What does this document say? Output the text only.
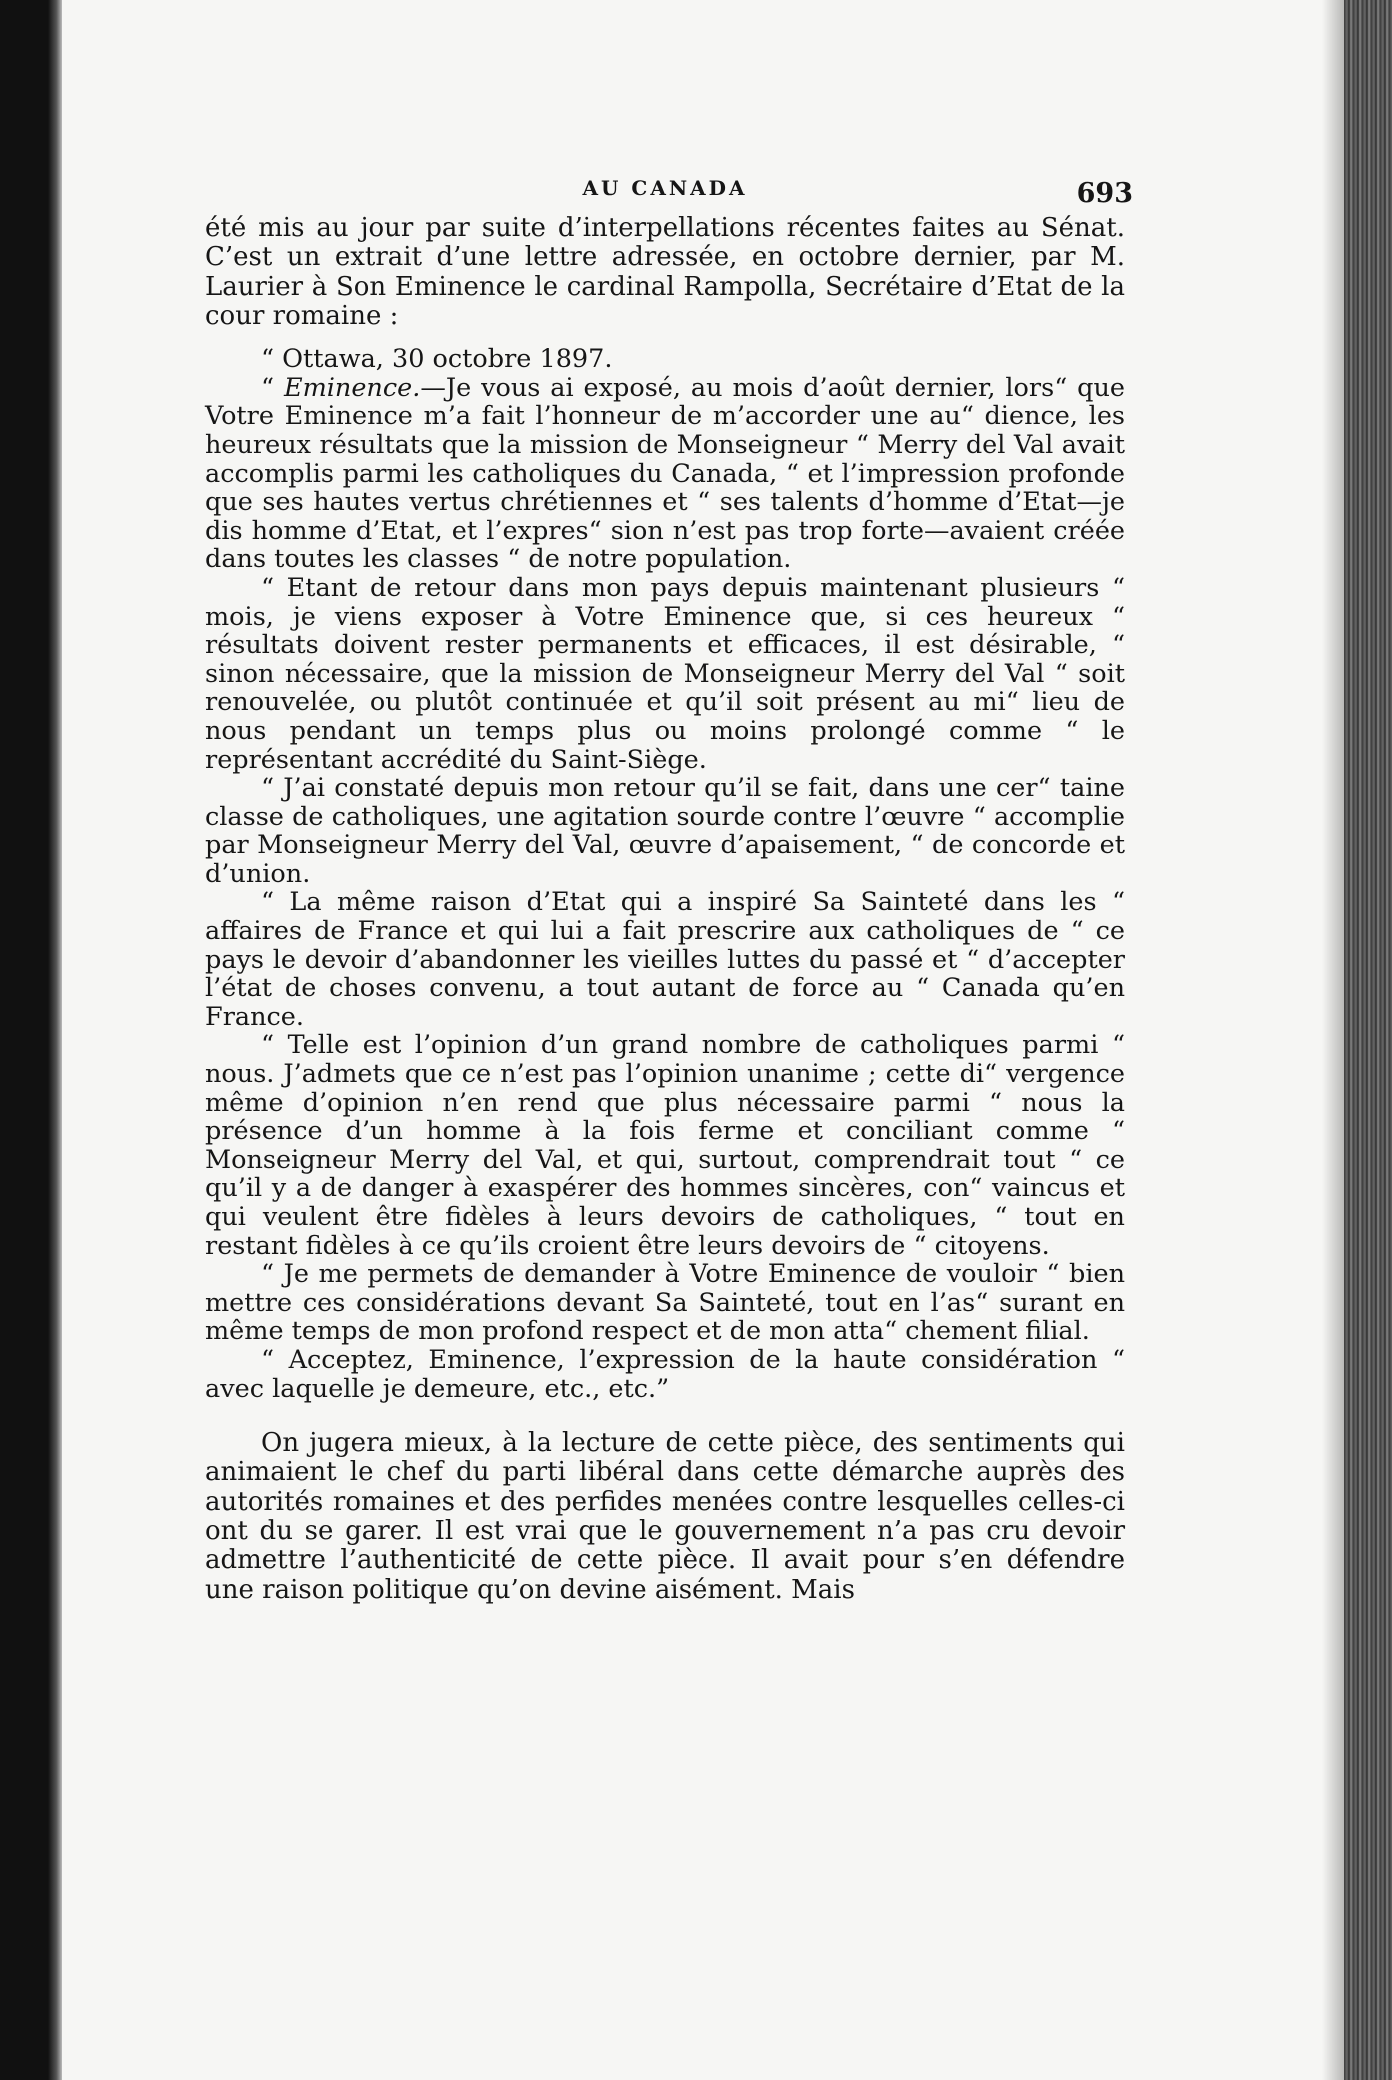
AU CANADA	693

été mis au jour par suite d’interpellations récentes faites au Sénat. C’est un extrait d’une lettre adressée, en octobre dernier, par M. Laurier à Son Eminence le cardinal Rampolla, Secrétaire d’Etat de la cour romaine :

“ Ottawa, 30 octobre 1897.

“ Eminence.—Je vous ai exposé, au mois d’août dernier, lors“ que Votre Eminence m’a fait l’honneur de m’accorder une au“ dience, les heureux résultats que la mission de Monseigneur “ Merry del Val avait accomplis parmi les catholiques du Canada, “ et l’impression profonde que ses hautes vertus chrétiennes et “ ses talents d’homme d’Etat—je dis homme d’Etat, et l’expres“ sion n’est pas trop forte—avaient créée dans toutes les classes “ de notre population.

“ Etant de retour dans mon pays depuis maintenant plusieurs “ mois, je viens exposer à Votre Eminence que, si ces heureux “ résultats doivent rester permanents et efficaces, il est désirable, “ sinon nécessaire, que la mission de Monseigneur Merry del Val “ soit renouvelée, ou plutôt continuée et qu’il soit présent au mi“ lieu de nous pendant un temps plus ou moins prolongé comme “ le représentant accrédité du Saint-Siège.

“ J’ai constaté depuis mon retour qu’il se fait, dans une cer“ taine classe de catholiques, une agitation sourde contre l’œuvre “ accomplie par Monseigneur Merry del Val, œuvre d’apaisement, “ de concorde et d’union.

“ La même raison d’Etat qui a inspiré Sa Sainteté dans les “ affaires de France et qui lui a fait prescrire aux catholiques de “ ce pays le devoir d’abandonner les vieilles luttes du passé et “ d’accepter l’état de choses convenu, a tout autant de force au “ Canada qu’en France.

“ Telle est l’opinion d’un grand nombre de catholiques parmi “ nous. J’admets que ce n’est pas l’opinion unanime ; cette di“ vergence même d’opinion n’en rend que plus nécessaire parmi “ nous la présence d’un homme à la fois ferme et conciliant comme “ Monseigneur Merry del Val, et qui, surtout, comprendrait tout “ ce qu’il y a de danger à exaspérer des hommes sincères, con“ vaincus et qui veulent être fidèles à leurs devoirs de catholiques, “ tout en restant fidèles à ce qu’ils croient être leurs devoirs de “ citoyens.

“ Je me permets de demander à Votre Eminence de vouloir “ bien mettre ces considérations devant Sa Sainteté, tout en l’as“ surant en même temps de mon profond respect et de mon atta“ chement filial.

“ Acceptez, Eminence, l’expression de la haute considération “ avec laquelle je demeure, etc., etc.”

On jugera mieux, à la lecture de cette pièce, des sentiments qui animaient le chef du parti libéral dans cette démarche auprès des autorités romaines et des perfides menées contre lesquelles celles-ci ont du se garer. Il est vrai que le gouvernement n’a pas cru devoir admettre l’authenticité de cette pièce. Il avait pour s’en défendre une raison politique qu’on devine aisément. Mais
